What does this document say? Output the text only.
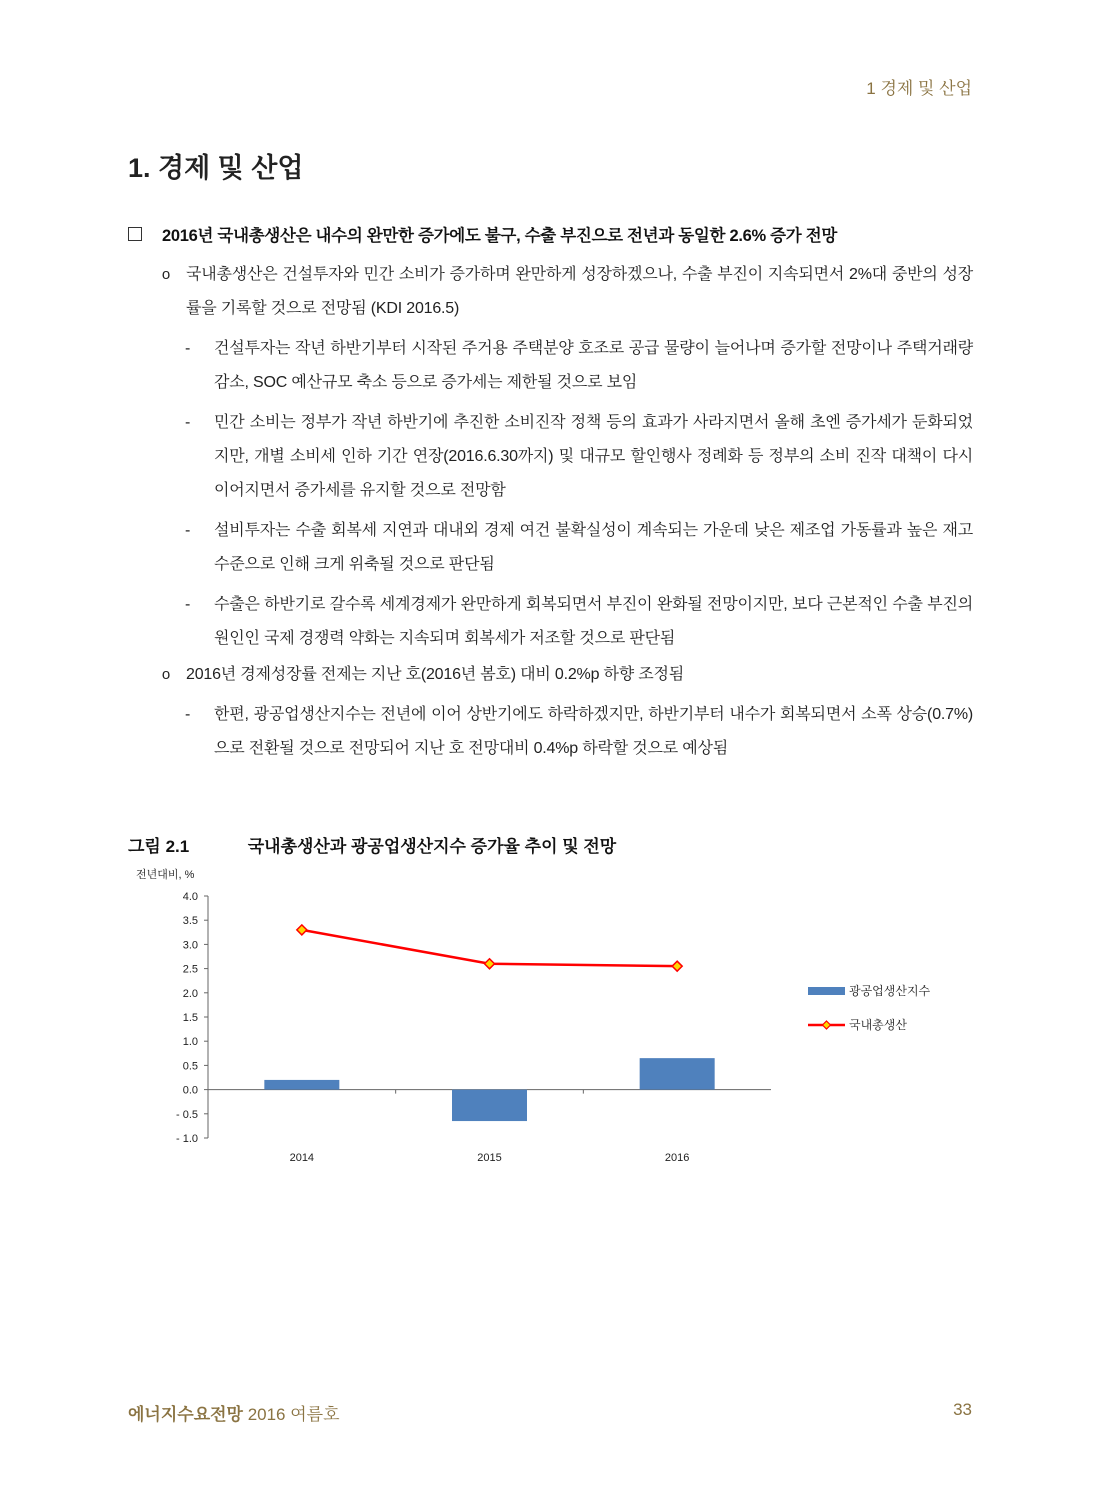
1 경제 및 산업
1. 경제 및 산업
2016년 국내총생산은 내수의 완만한 증가에도 불구, 수출 부진으로 전년과 동일한 2.6% 증가 전망
o 국내총생산은 건설투자와 민간 소비가 증가하며 완만하게 성장하겠으나, 수출 부진이 지속되면서 2%대 중반의 성장률을 기록할 것으로 전망됨 (KDI 2016.5)
-	건설투자는 작년 하반기부터 시작된 주거용 주택분양 호조로 공급 물량이 늘어나며 증가할 전망이나 주택거래량 감소, SOC 예산규모 축소 등으로 증가세는 제한될 것으로 보임
-	민간 소비는 정부가 작년 하반기에 추진한 소비진작 정책 등의 효과가 사라지면서 올해 초엔 증가세가 둔화되었지만, 개별 소비세 인하 기간 연장(2016.6.30까지) 및 대규모 할인행사 정례화 등 정부의 소비 진작 대책이 다시 이어지면서 증가세를 유지할 것으로 전망함
-	설비투자는 수출 회복세 지연과 대내외 경제 여건 불확실성이 계속되는 가운데 낮은 제조업 가동률과 높은 재고 수준으로 인해 크게 위축될 것으로 판단됨
-	수출은 하반기로 갈수록 세계경제가 완만하게 회복되면서 부진이 완화될 전망이지만, 보다 근본적인 수출 부진의 원인인 국제 경쟁력 약화는 지속되며 회복세가 저조할 것으로 판단됨
o 2016년 경제성장률 전제는 지난 호(2016년 봄호) 대비 0.2%p 하향 조정됨
-	한편, 광공업생산지수는 전년에 이어 상반기에도 하락하겠지만, 하반기부터 내수가 회복되면서 소폭 상승(0.7%)으로 전환될 것으로 전망되어 지난 호 전망대비 0.4%p 하락할 것으로 예상됨
그림 2.1	국내총생산과 광공업생산지수 증가율 추이 및 전망
전년대비, %
4.0
3.5
3.0
2.5
2.0
1.5
1.0
0.5
0.0
- 0.5
- 1.0
2014	2015	2016
광공업생산지수
국내총생산
에너지수요전망 2016 여름호	33
